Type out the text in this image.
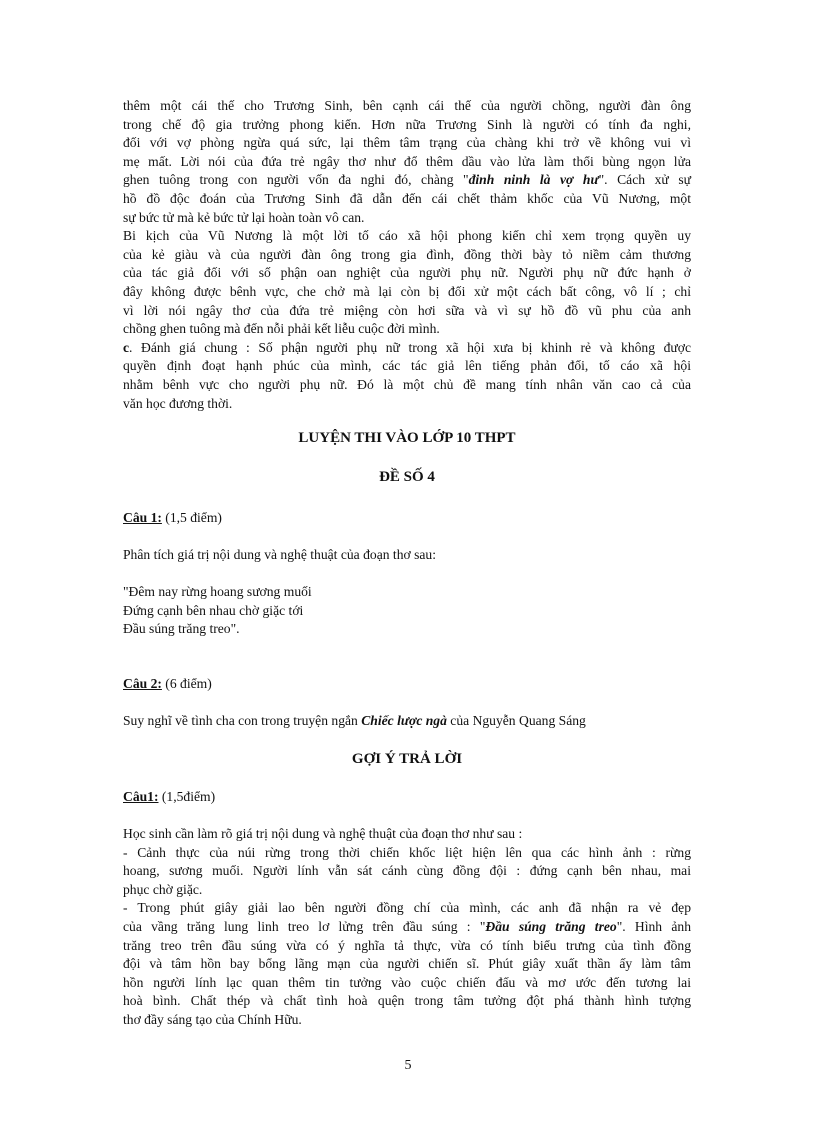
thêm một cái thế cho Trương Sinh, bên cạnh cái thế của người chồng, người đàn ông
trong chế độ gia trưởng phong kiến. Hơn nữa Trương Sinh là người có tính đa nghi,
đối với vợ phòng ngừa quá sức, lại thêm tâm trạng của chàng khi trở về không vui vì
mẹ mất. Lời nói của đứa trẻ ngây thơ như đổ thêm dầu vào lửa làm thổi bùng ngọn lửa
ghen tuông trong con người vốn đa nghi đó, chàng "đinh ninh là vợ hư". Cách xử sự
hồ đồ độc đoán của Trương Sinh đã dẫn đến cái chết thảm khốc của Vũ Nương, một
sự bức tử mà kẻ bức tử lại hoàn toàn vô can.
Bi kịch của Vũ Nương là một lời tố cáo xã hội phong kiến chỉ xem trọng quyền uy
của kẻ giàu và của người đàn ông trong gia đình, đồng thời bày tỏ niềm cảm thương
của tác giả đối với số phận oan nghiệt của người phụ nữ. Người phụ nữ đức hạnh ở
đây không được bênh vực, che chở mà lại còn bị đối xử một cách bất công, vô lí ; chỉ
vì lời nói ngây thơ của đứa trẻ miệng còn hơi sữa và vì sự hồ đồ vũ phu của anh
chồng ghen tuông mà đến nỗi phải kết liễu cuộc đời mình.
c. Đánh giá chung : Số phận người phụ nữ trong xã hội xưa bị khinh rẻ và không được
quyền định đoạt hạnh phúc của mình, các tác giả lên tiếng phản đối, tố cáo xã hội
nhằm bênh vực cho người phụ nữ. Đó là một chủ đề mang tính nhân văn cao cả của
văn học đương thời.
LUYỆN THI VÀO LỚP 10 THPT
ĐỀ SỐ 4
Câu 1: (1,5 điểm)
Phân tích giá trị nội dung và nghệ thuật của đoạn thơ sau:
"Đêm nay rừng hoang sương muối
Đứng cạnh bên nhau chờ giặc tới
Đầu súng trăng treo".
Câu 2: (6 điểm)
Suy nghĩ về tình cha con trong truyện ngắn Chiếc lược ngà của Nguyễn Quang Sáng
GỢI Ý TRẢ LỜI
Câu1: (1,5điểm)
Học sinh cần làm rõ giá trị nội dung và nghệ thuật của đoạn thơ như sau :
- Cảnh thực của núi rừng trong thời chiến khốc liệt hiện lên qua các hình ảnh : rừng
hoang, sương muối. Người lính vẫn sát cánh cùng đồng đội : đứng cạnh bên nhau, mai
phục chờ giặc.
- Trong phút giây giải lao bên người đồng chí của mình, các anh đã nhận ra vẻ đẹp
của vầng trăng lung linh treo lơ lửng trên đầu súng : "Đầu súng trăng treo". Hình ảnh
trăng treo trên đầu súng vừa có ý nghĩa tả thực, vừa có tính biểu trưng của tình đồng
đội và tâm hồn bay bổng lãng mạn của người chiến sĩ. Phút giây xuất thần ấy làm tâm
hồn người lính lạc quan thêm tin tưởng vào cuộc chiến đấu và mơ ước đến tương lai
hoà bình. Chất thép và chất tình hoà quện trong tâm tưởng đột phá thành hình tượng
thơ đầy sáng tạo của Chính Hữu.
5
